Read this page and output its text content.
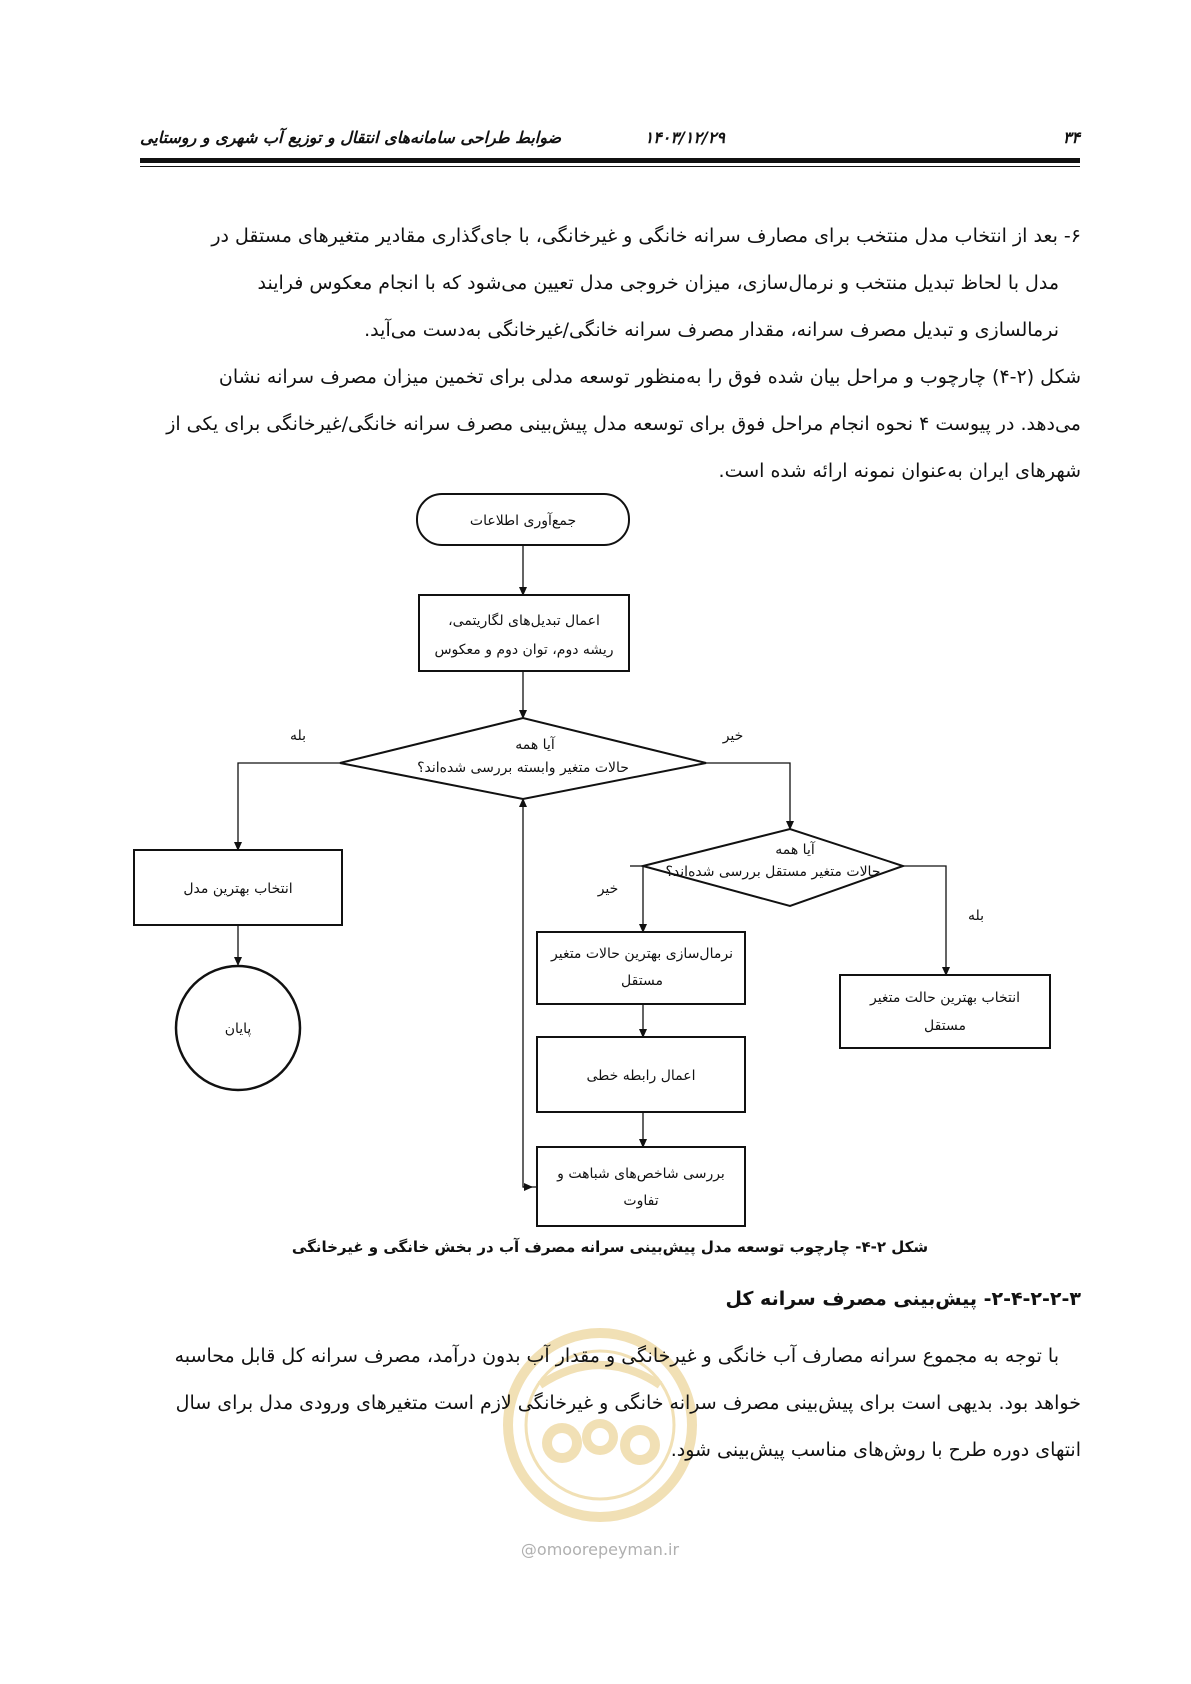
۳۴
۱۴۰۳/۱۲/۲۹
ضوابط طراحی سامانه‌های انتقال و توزیع آب شهری و روستایی

۶- بعد از انتخاب مدل منتخب برای مصارف سرانه خانگی و غیرخانگی، با جای‌گذاری مقادیر متغیرهای مستقل در

مدل با لحاظ تبدیل منتخب و نرمال‌سازی، میزان خروجی مدل تعیین می‌شود که با انجام معکوس فرایند

نرمالسازی و تبدیل مصرف سرانه، مقدار مصرف سرانه خانگی/غیرخانگی به‌دست می‌آید.

شکل (۲-۴) چارچوب و مراحل بیان شده فوق را به‌منظور توسعه مدلی برای تخمین میزان مصرف سرانه نشان

می‌دهد. در پیوست ۴ نحوه انجام مراحل فوق برای توسعه مدل پیش‌بینی مصرف سرانه خانگی/غیرخانگی برای یکی از

شهرهای ایران به‌عنوان نمونه ارائه شده است.

جمع‌آوری اطلاعات
اعمال تبدیل‌های لگاریتمی،
ریشه دوم، توان دوم و معکوس
آیا همه
حالات متغیر وابسته بررسی شده‌اند؟
بله	خیر
انتخاب بهترین مدل
پایان
آیا همه
حالات متغیر مستقل بررسی شده‌اند؟
خیر
بله
نرمال‌سازی بهترین حالات متغیر
مستقل
اعمال رابطه خطی
بررسی شاخص‌های شباهت و
تفاوت
انتخاب بهترین حالت متغیر
مستقل
شکل ۲-۴- چارچوب توسعه مدل پیش‌بینی سرانه مصرف آب در بخش خانگی و غیرخانگی
۲-۴-۲-۲-۳- پیش‌بینی مصرف سرانه کل

با توجه به مجموع سرانه مصارف آب خانگی و غیرخانگی و مقدار آب بدون درآمد، مصرف سرانه کل قابل محاسبه

خواهد بود. بدیهی است برای پیش‌بینی مصرف سرانه خانگی و غیرخانگی لازم است متغیرهای ورودی مدل برای سال

انتهای دوره طرح با روش‌های مناسب پیش‌بینی شود.

@omoorepeyman.ir
